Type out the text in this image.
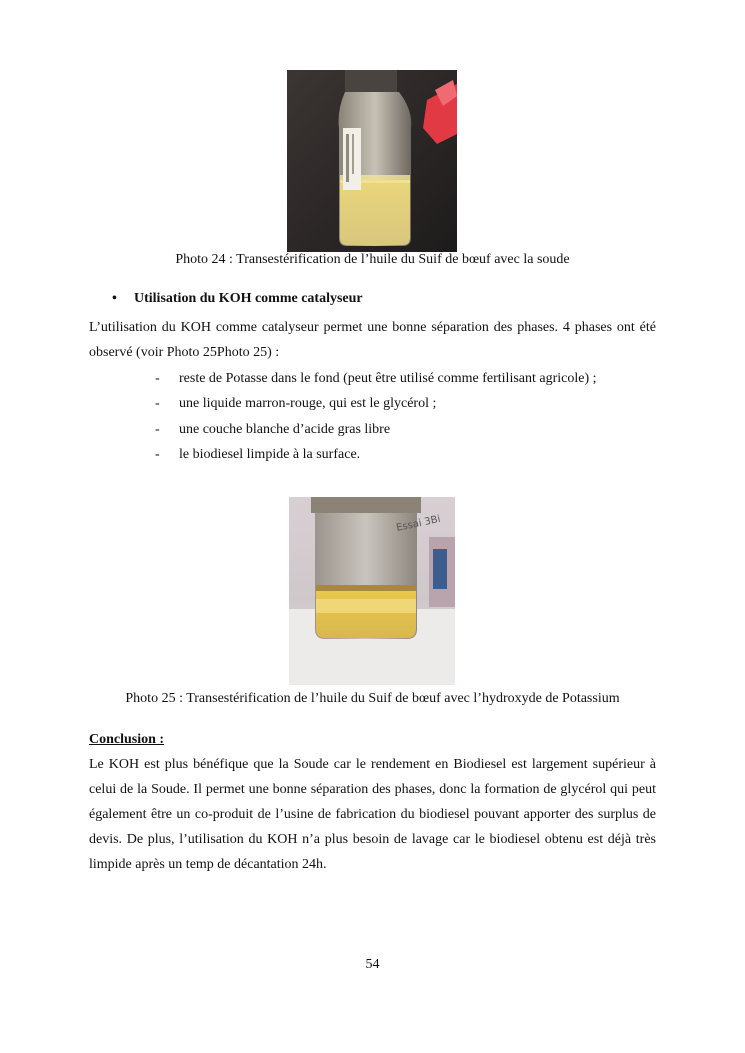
Photo 24 : Transestérification de l’huile du Suif de bœuf avec la soude
• Utilisation du KOH comme catalyseur
L’utilisation du KOH comme catalyseur permet une bonne séparation des phases. 4 phases ont été observé (voir Photo 25Photo 25) :
- reste de Potasse dans le fond (peut être utilisé comme fertilisant agricole) ;
- une liquide marron-rouge, qui est le glycérol ;
- une couche blanche d’acide gras libre
- le biodiesel limpide à la surface.
Essai 3Bi
Photo 25 : Transestérification de l’huile du Suif de bœuf avec l’hydroxyde de Potassium
Conclusion :
Le KOH est plus bénéfique que la Soude car le rendement en Biodiesel est largement supérieur à celui de la Soude. Il permet une bonne séparation des phases, donc la formation de glycérol qui peut également être un co-produit de l’usine de fabrication du biodiesel pouvant apporter des surplus de devis. De plus, l’utilisation du KOH n’a plus besoin de lavage car le biodiesel obtenu est déjà très limpide après un temp de décantation 24h.
54
